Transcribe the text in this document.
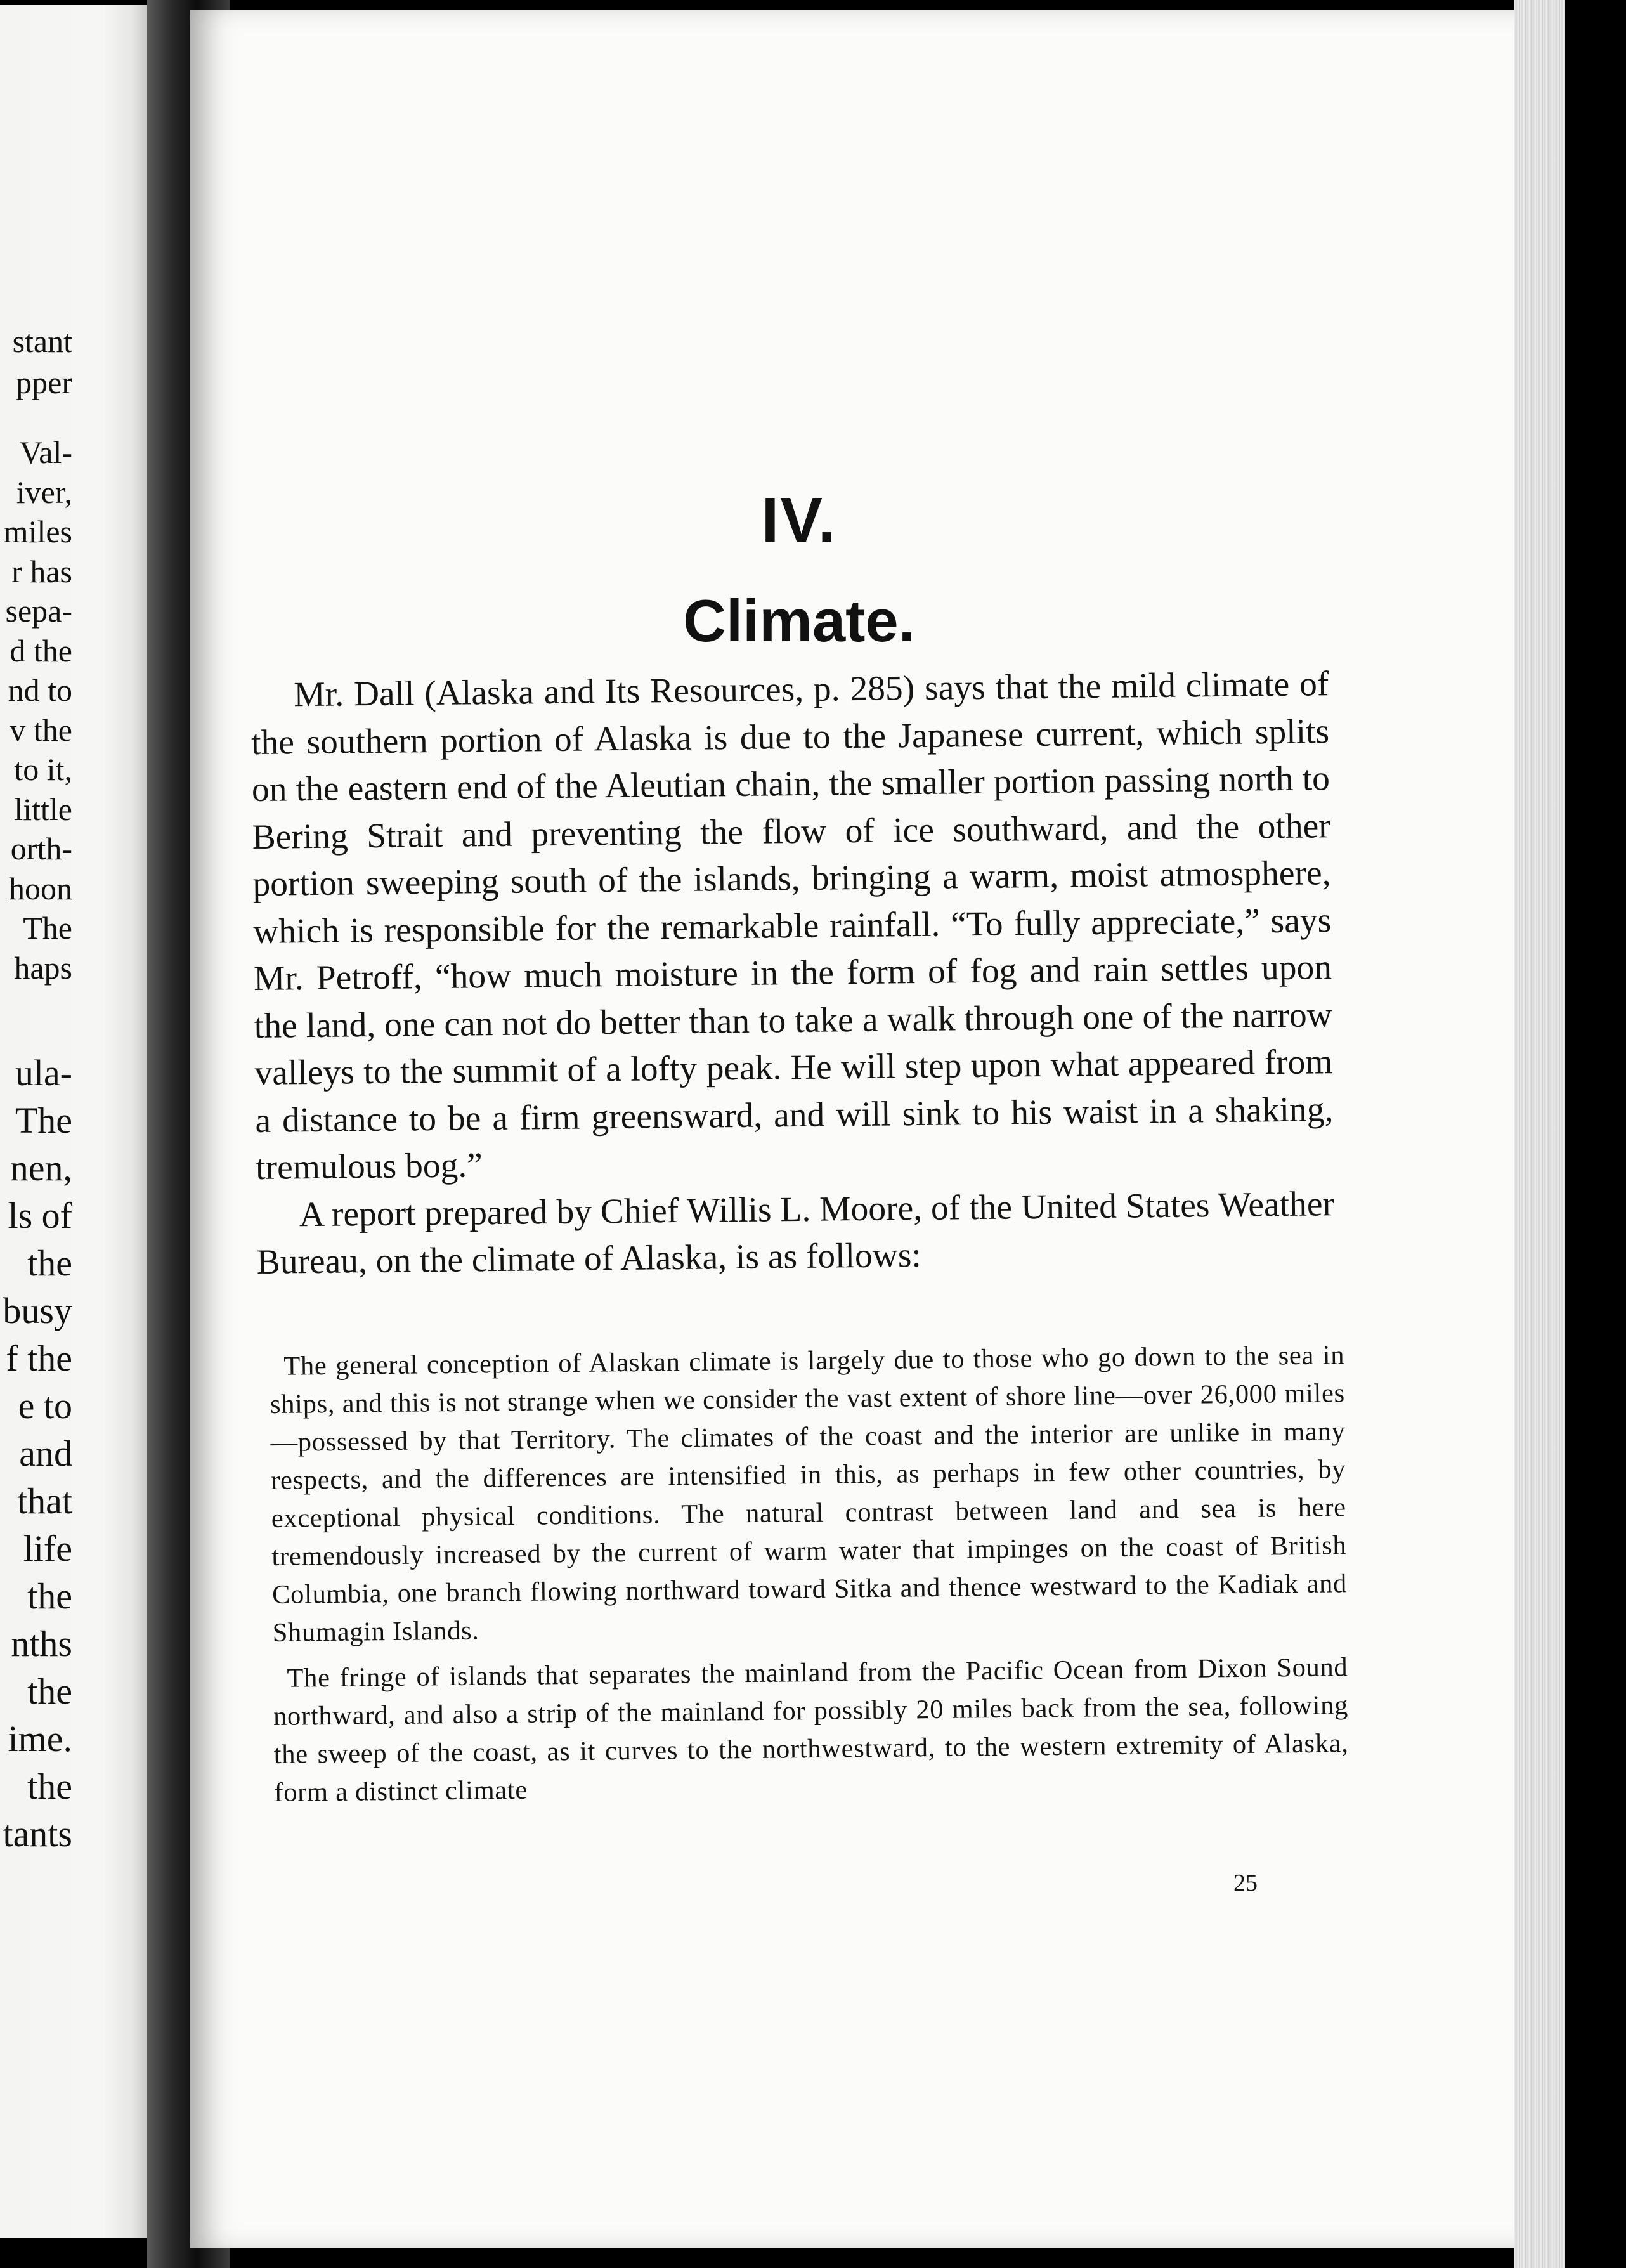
stant

pper

Val-

iver,

miles

r has

sepa-

d the

nd to

v the

to it,

little

orth-

hoon

The

haps

ula-

The

nen,

ls of

the

busy

f the

e to

and

that

life

the

nths

the

ime.

the

tants

IV.
Climate.

Mr. Dall (Alaska and Its Resources, p. 285) says that the mild climate of the southern portion of Alaska is due to the Japanese current, which splits on the eastern end of the Aleutian chain, the smaller portion passing north to Bering Strait and preventing the flow of ice southward, and the other portion sweeping south of the islands, bringing a warm, moist atmosphere, which is responsible for the remarkable rainfall. “To fully appreciate,” says Mr. Petroff, “how much moisture in the form of fog and rain settles upon the land, one can not do better than to take a walk through one of the narrow valleys to the summit of a lofty peak. He will step upon what appeared from a distance to be a firm greensward, and will sink to his waist in a shaking, tremulous bog.”

A report prepared by Chief Willis L. Moore, of the United States Weather Bureau, on the climate of Alaska, is as follows:

The general conception of Alaskan climate is largely due to those who go down to the sea in ships, and this is not strange when we consider the vast extent of shore line—over 26,000 miles—possessed by that Territory. The climates of the coast and the interior are unlike in many respects, and the differences are intensified in this, as perhaps in few other countries, by exceptional physical conditions. The natural contrast between land and sea is here tremendously increased by the current of warm water that impinges on the coast of British Columbia, one branch flowing northward toward Sitka and thence westward to the Kadiak and Shumagin Islands.

The fringe of islands that separates the mainland from the Pacific Ocean from Dixon Sound northward, and also a strip of the mainland for possibly 20 miles back from the sea, following the sweep of the coast, as it curves to the northwestward, to the western extremity of Alaska, form a distinct climate

25
